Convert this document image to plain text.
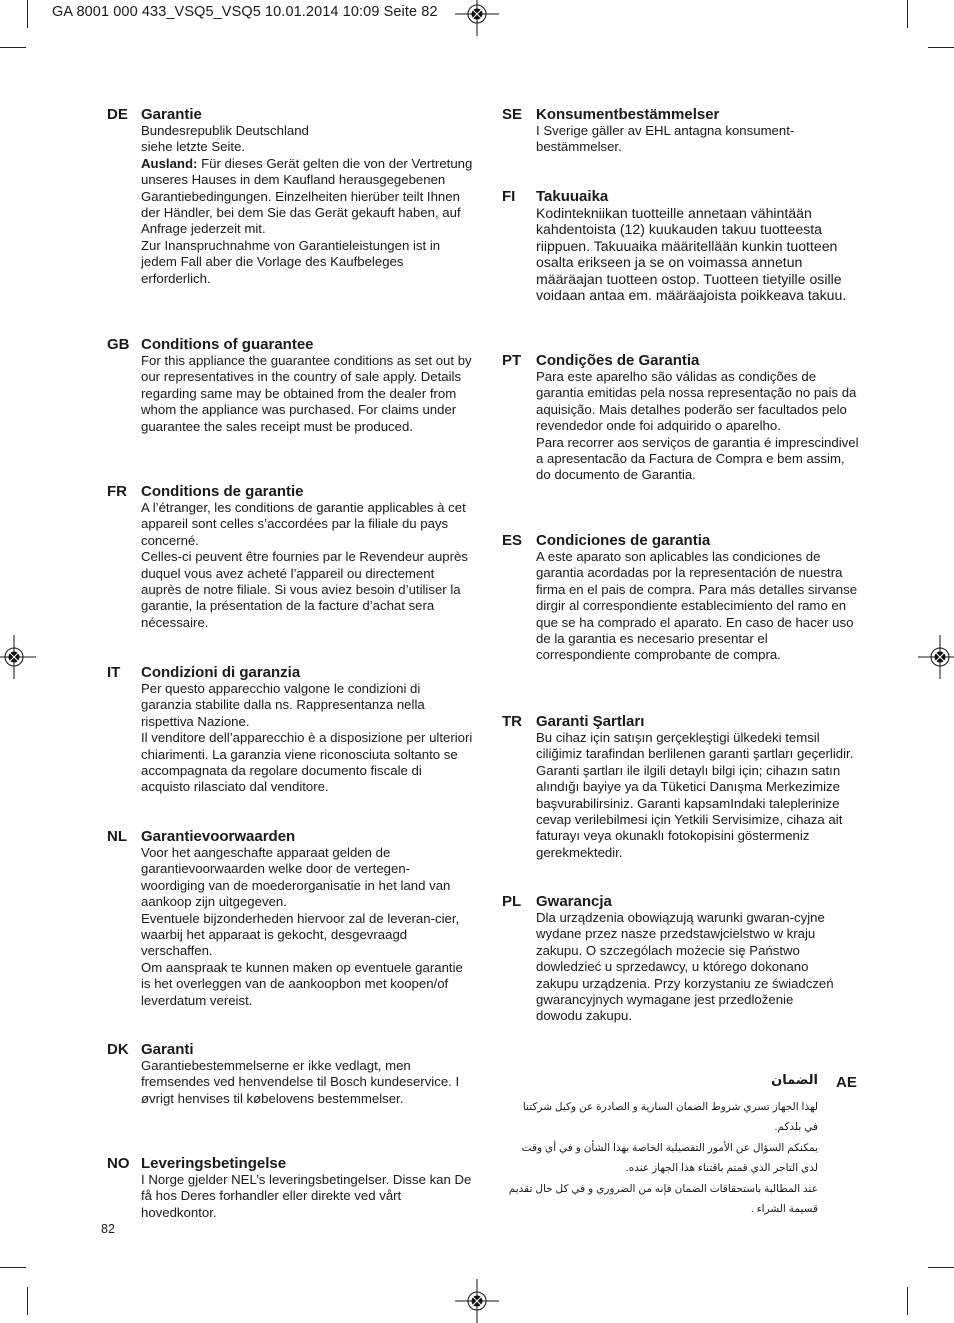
GA 8001 000 433_VSQ5_VSQ5 10.01.2014 10:09 Seite 82
DE Garantie

Bundesrepublik Deutschland

siehe letzte Seite.

Ausland: Für dieses Gerät gelten die von der Vertretung unseres Hauses in dem Kaufland herausgegebenen Garantiebedingungen. Einzelheiten hierüber teilt Ihnen der Händler, bei dem Sie das Gerät gekauft haben, auf Anfrage jederzeit mit.

Zur Inanspruchnahme von Garantieleistungen ist in jedem Fall aber die Vorlage des Kaufbeleges erforderlich.

GB Conditions of guarantee

For this appliance the guarantee conditions as set out by our representatives in the country of sale apply. Details regarding same may be obtained from the dealer from whom the appliance was purchased. For claims under guarantee the sales receipt must be produced.

FR Conditions de garantie

A l’étranger, les conditions de garantie applicables à cet appareil sont celles s’accordées par la filiale du pays concerné.

Celles-ci peuvent être fournies par le Revendeur auprès duquel vous avez acheté l’appareil ou directement auprès de notre filiale. Si vous aviez besoin d’utiliser la garantie, la présentation de la facture d’achat sera nécessaire.

IT Condizioni di garanzia

Per questo apparecchio valgone le condizioni di garanzia stabilite dalla ns. Rappresentanza nella rispettiva Nazione.

Il venditore dell’apparecchio è a disposizione per ulteriori chiarimenti. La garanzia viene riconosciuta soltanto se accompagnata da regolare documento fiscale di acquisto rilasciato dal venditore.

NL Garantievoorwaarden

Voor het aangeschafte apparaat gelden de garantievoorwaarden welke door de vertegen-woordiging van de moederorganisatie in het land van aankoop zijn uitgegeven.

Eventuele bijzonderheden hiervoor zal de leveran-cier, waarbij het apparaat is gekocht, desgevraagd verschaffen.

Om aanspraak te kunnen maken op eventuele garantie is het overleggen van de aankoopbon met koopen/of leverdatum vereist.

DK Garanti

Garantiebestemmelserne er ikke vedlagt, men fremsendes ved henvendelse til Bosch kundeservice. I øvrigt henvises til købelovens bestemmelser.

NO Leveringsbetingelse

I Norge gjelder NEL’s leveringsbetingelser. Disse kan De få hos Deres forhandler eller direkte ved vårt hovedkontor.

SE Konsumentbestämmelser

I Sverige gäller av EHL antagna konsument-bestämmelser.

FI Takuuaika

Kodintekniikan tuotteille annetaan vähintään kahdentoista (12) kuukauden takuu tuotteesta riippuen. Takuuaika määritellään kunkin tuotteen osalta erikseen ja se on voimassa annetun määräajan tuotteen ostop. Tuotteen tietyille osille voidaan antaa em. määräajoista poikkeava takuu.

PT Condições de Garantia

Para este aparelho são válidas as condições de garantia emitidas pela nossa representação no pais da aquisição. Mais detalhes poderão ser facultados pelo revendedor onde foi adquirido o aparelho.

Para recorrer aos serviços de garantia é imprescindivel a apresentacão da Factura de Compra e bem assim, do documento de Garantia.

ES Condiciones de garantia

A este aparato son aplicables las condiciones de garantia acordadas por la representación de nuestra firma en el pais de compra. Para más detalles sirvanse dirgir al correspondiente establecimiento del ramo en que se ha comprado el aparato. En caso de hacer uso de la garantia es necesario presentar el correspondiente comprobante de compra.

TR Garanti Şartları

Bu cihaz için satışın gerçekleştigi ülkedeki temsil ciliğimiz tarafindan berlilenen garanti şartları geçerlidir. Garanti şartları ile ilgili detaylı bilgi için; cihazın satın alındığı bayiye ya da Tüketici Danışma Merkezimize başvurabilirsiniz. Garanti kapsamIndaki taleplerinize cevap verilebilmesi için Yetkili Servisimize, cihaza ait faturayı veya okunaklı fotokopisini göstermeniz gerekmektedir.

PL Gwarancja

Dla urządzenia obowiązują warunki gwaran-cyjne wydane przez nasze przedstawjcielstwo w kraju zakupu. O szczególach możecie się Państwo dowledzieć u sprzedawcy, u którego dokonano zakupu urządzenia. Przy korzystaniu ze świadczeń gwarancyjnych wymagane jest przedloženie dowodu zakupu.

AE
الضمان

لهذا الجهاز تسري شروط الضمان السارية و الصادرة عن وكيل شركتنا في بلدكم.

يمكنكم السؤال عن الأمور التفصيلية الخاصة بهذا الشأن و في أي وقت لدى التاجر الذي قمتم باقتناء هذا الجهاز عنده.

عند المطالبة باستحقاقات الضمان فإنه من الضروري و في كل حال تقديم قسيمة الشراء .

82
